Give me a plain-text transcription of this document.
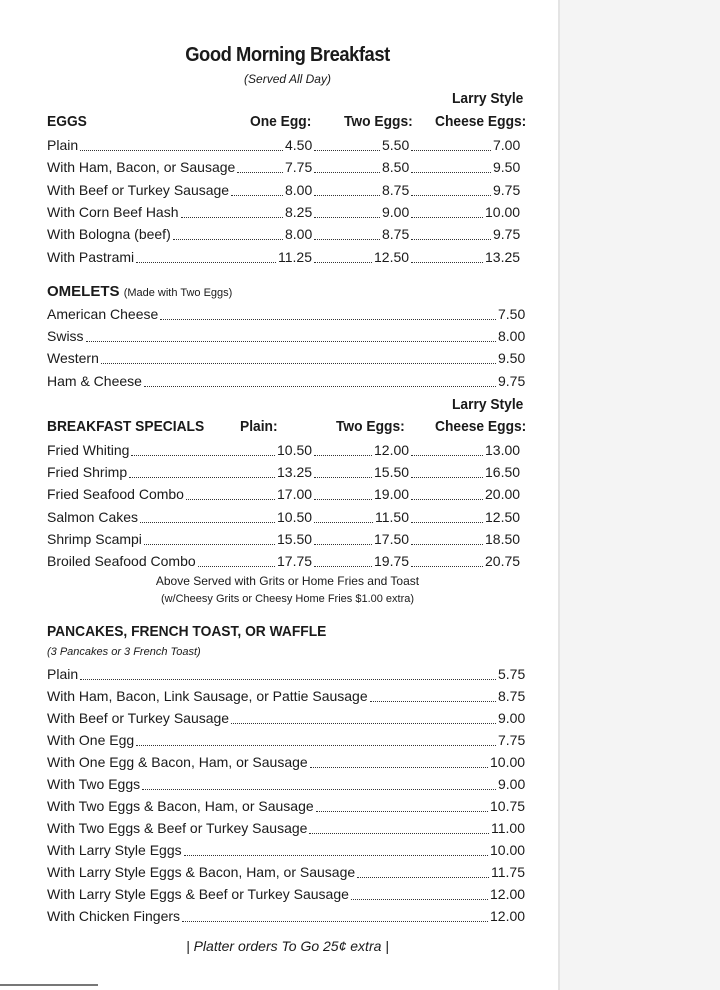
Good Morning Breakfast
(Served All Day)
Larry Style
EGGS	One Egg: Two Eggs: Cheese Eggs:
Plain	4.50	5.50	7.00
With Ham, Bacon, or Sausage	7.75	8.50	9.50
With Beef or Turkey Sausage	8.00	8.75	9.75
With Corn Beef Hash	8.25	9.00	10.00
With Bologna (beef)	8.00	8.75	9.75
With Pastrami	11.25	12.50	13.25
OMELETS (Made with Two Eggs)
American Cheese	7.50
Swiss	8.00
Western	9.50
Ham & Cheese	9.75
Larry Style
BREAKFAST SPECIALS Plain:	Two Eggs: Cheese Eggs:
Fried Whiting	10.50	12.00	13.00
Fried Shrimp	13.25	15.50	16.50
Fried Seafood Combo	17.00	19.00	20.00
Salmon Cakes	10.50	11.50	12.50
Shrimp Scampi	15.50	17.50	18.50
Broiled Seafood Combo	17.75	19.75	20.75
Above Served with Grits or Home Fries and Toast
(w/Cheesy Grits or Cheesy Home Fries $1.00 extra)
PANCAKES, FRENCH TOAST, OR WAFFLE
(3 Pancakes or 3 French Toast)
Plain	5.75
With Ham, Bacon, Link Sausage, or Pattie Sausage	8.75
With Beef or Turkey Sausage	9.00
With One Egg	7.75
With One Egg & Bacon, Ham, or Sausage	10.00
With Two Eggs	9.00
With Two Eggs & Bacon, Ham, or Sausage	10.75
With Two Eggs & Beef or Turkey Sausage	11.00
With Larry Style Eggs	10.00
With Larry Style Eggs & Bacon, Ham, or Sausage	11.75
With Larry Style Eggs & Beef or Turkey Sausage	12.00
With Chicken Fingers	12.00
| Platter orders To Go 25¢ extra |
